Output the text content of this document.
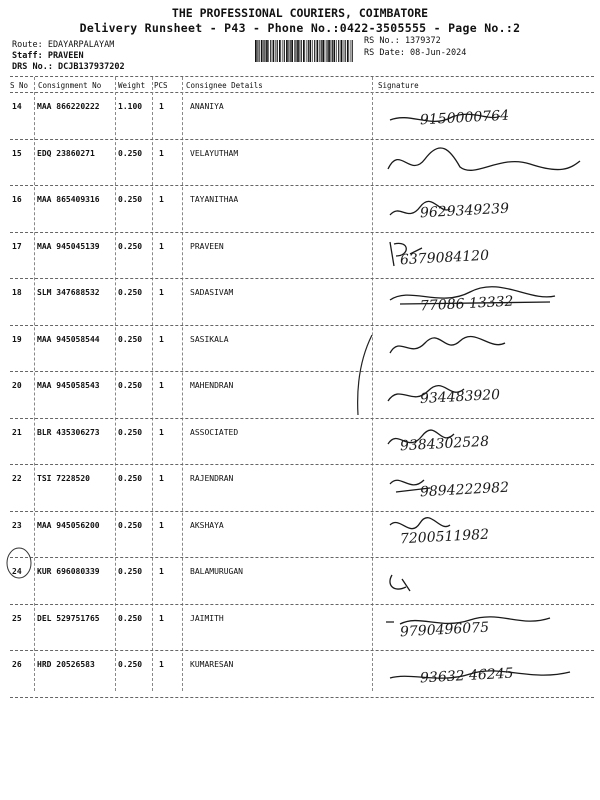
THE PROFESSIONAL COURIERS, COIMBATORE
Delivery Runsheet - P43 - Phone No.:0422-3505555 - Page No.:2
Route: EDAYARPALAYAM
Staff: PRAVEEN
DRS No.: DCJB137937202
RS No.: 1379372
RS Date: 08-Jun-2024
S No Consignment No Weight PCS Consignee Details	Signature
14 MAA 866220222 1.100 1	ANANIYA
9150000764
15 EDQ 23860271	0.250 1	VELAYUTHAM
16 MAA 865409316 0.250 1	TAYANITHAA
9629349239
17 MAA 945045139 0.250 1	PRAVEEN
6379084120
18 SLM 347688532 0.250 1	SADASIVAM
77086 13332
19 MAA 945058544 0.250 1	SASIKALA
20 MAA 945058543 0.250 1	MAHENDRAN
934483920
21 BLR 435306273 0.250 1	ASSOCIATED
9384302528
22 TSI 7228520	0.250 1	RAJENDRAN
9894222982
23 MAA 945056200 0.250 1	AKSHAYA
7200511982
24 KUR 696080339 0.250 1	BALAMURUGAN
25 DEL 529751765 0.250 1	JAIMITH
9790496075
26 HRD 20526583	0.250 1	KUMARESAN
93632 46245
